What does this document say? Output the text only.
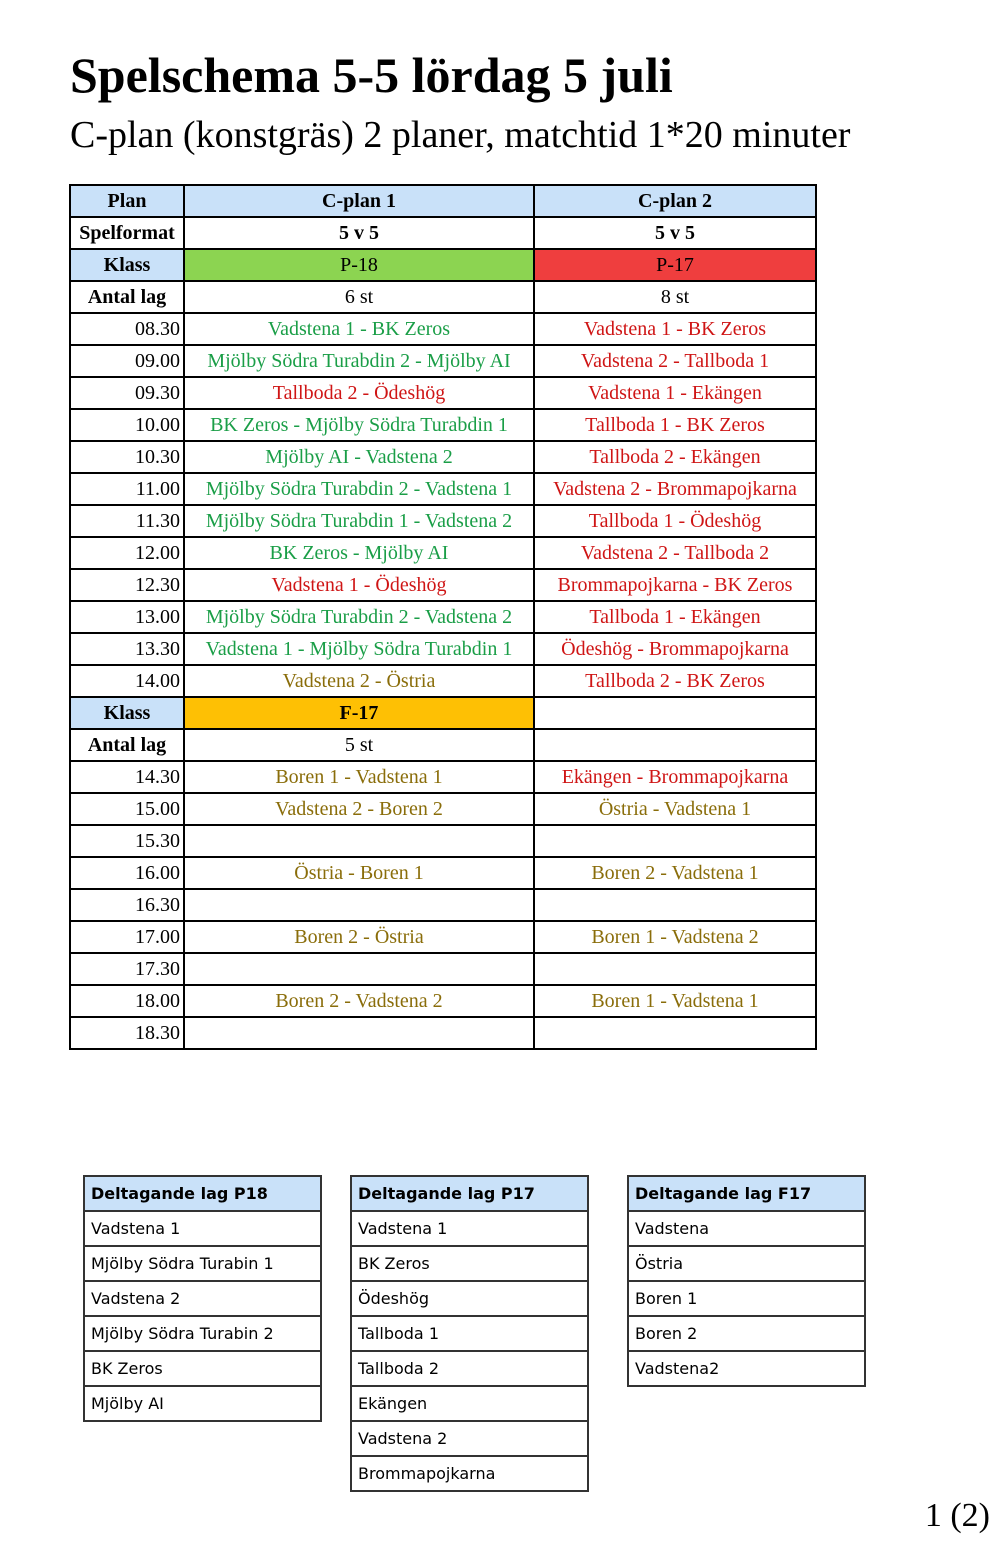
Spelschema 5-5 lördag 5 juli

C-plan (konstgräs) 2 planer, matchtid 1*20 minuter

Plan	C-plan 1	C-plan 2
Spelformat	5 v 5	5 v 5
Klass	P-18	P-17
Antal lag	6 st	8 st
08.30	Vadstena 1 - BK Zeros	Vadstena 1 - BK Zeros
09.00	Mjölby Södra Turabdin 2 - Mjölby AI	Vadstena 2 - Tallboda 1
09.30	Tallboda 2 - Ödeshög	Vadstena 1 - Ekängen
10.00	BK Zeros - Mjölby Södra Turabdin 1	Tallboda 1 - BK Zeros
10.30	Mjölby AI - Vadstena 2	Tallboda 2 - Ekängen
11.00	Mjölby Södra Turabdin 2 - Vadstena 1	Vadstena 2 - Brommapojkarna
11.30	Mjölby Södra Turabdin 1 - Vadstena 2	Tallboda 1 - Ödeshög
12.00	BK Zeros - Mjölby AI	Vadstena 2 - Tallboda 2
12.30	Vadstena 1 - Ödeshög	Brommapojkarna - BK Zeros
13.00	Mjölby Södra Turabdin 2 - Vadstena 2	Tallboda 1 - Ekängen
13.30	Vadstena 1 - Mjölby Södra Turabdin 1	Ödeshög - Brommapojkarna
14.00	Vadstena 2 - Östria	Tallboda 2 - BK Zeros
Klass	F-17	
Antal lag	5 st	
14.30	Boren 1 - Vadstena 1	Ekängen - Brommapojkarna
15.00	Vadstena 2 - Boren 2	Östria - Vadstena 1
15.30		
16.00	Östria - Boren 1	Boren 2 - Vadstena 1
16.30		
17.00	Boren 2 - Östria	Boren 1 - Vadstena 2
17.30		
18.00	Boren 2 - Vadstena 2	Boren 1 - Vadstena 1
18.30		
Deltagande lag P18
Vadstena 1
Mjölby Södra Turabin 1
Vadstena 2
Mjölby Södra Turabin 2
BK Zeros
Mjölby AI
Deltagande lag P17
Vadstena 1
BK Zeros
Ödeshög
Tallboda 1
Tallboda 2
Ekängen
Vadstena 2
Brommapojkarna
Deltagande lag F17
Vadstena
Östria
Boren 1
Boren 2
Vadstena2

1 (2)
